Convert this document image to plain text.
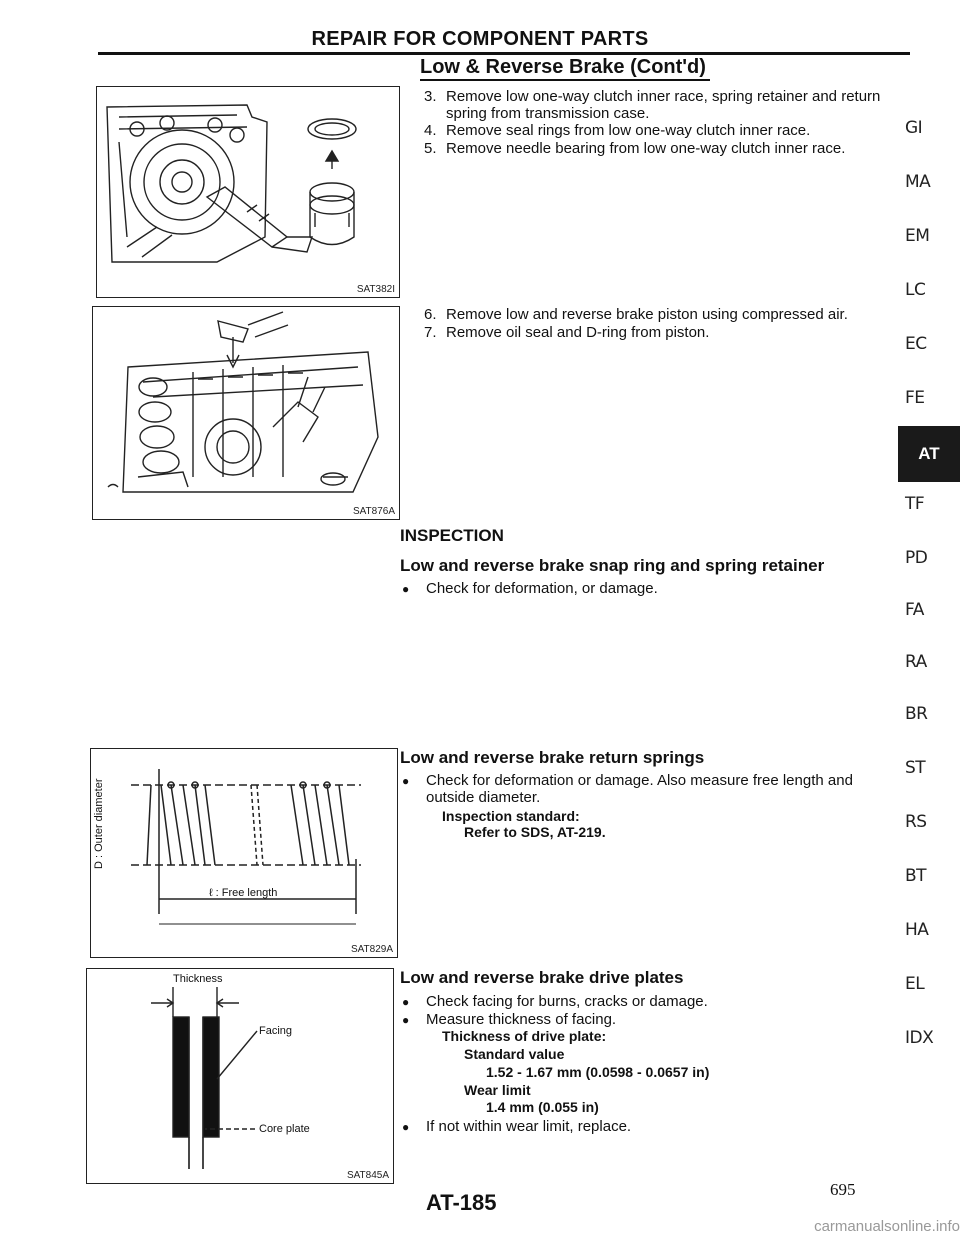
REPAIR FOR COMPONENT PARTS
Low & Reverse Brake (Cont'd)
SAT382I
SAT876A
3. Remove low one-way clutch inner race, spring retainer and return spring from transmission case.
4. Remove seal rings from low one-way clutch inner race.
5. Remove needle bearing from low one-way clutch inner race.
6. Remove low and reverse brake piston using compressed air.
7. Remove oil seal and D-ring from piston.
INSPECTION
Low and reverse brake snap ring and spring retainer
● Check for deformation, or damage.
D : Outer diameter
ℓ : Free length
SAT829A
Low and reverse brake return springs
● Check for deformation or damage. Also measure free length and outside diameter.
Inspection standard:
Refer to SDS, AT-219.
Thickness
Facing
Core plate
SAT845A
Low and reverse brake drive plates
● Check facing for burns, cracks or damage.
● Measure thickness of facing.
Thickness of drive plate:
Standard value
1.52 - 1.67 mm (0.0598 - 0.0657 in)
Wear limit
1.4 mm (0.055 in)
● If not within wear limit, replace.
GI
MA
EM
LC
EC
FE
AT
TF
PD
FA
RA
BR
ST
RS
BT
HA
EL
IDX
AT-185
695
carmanualsonline.info
